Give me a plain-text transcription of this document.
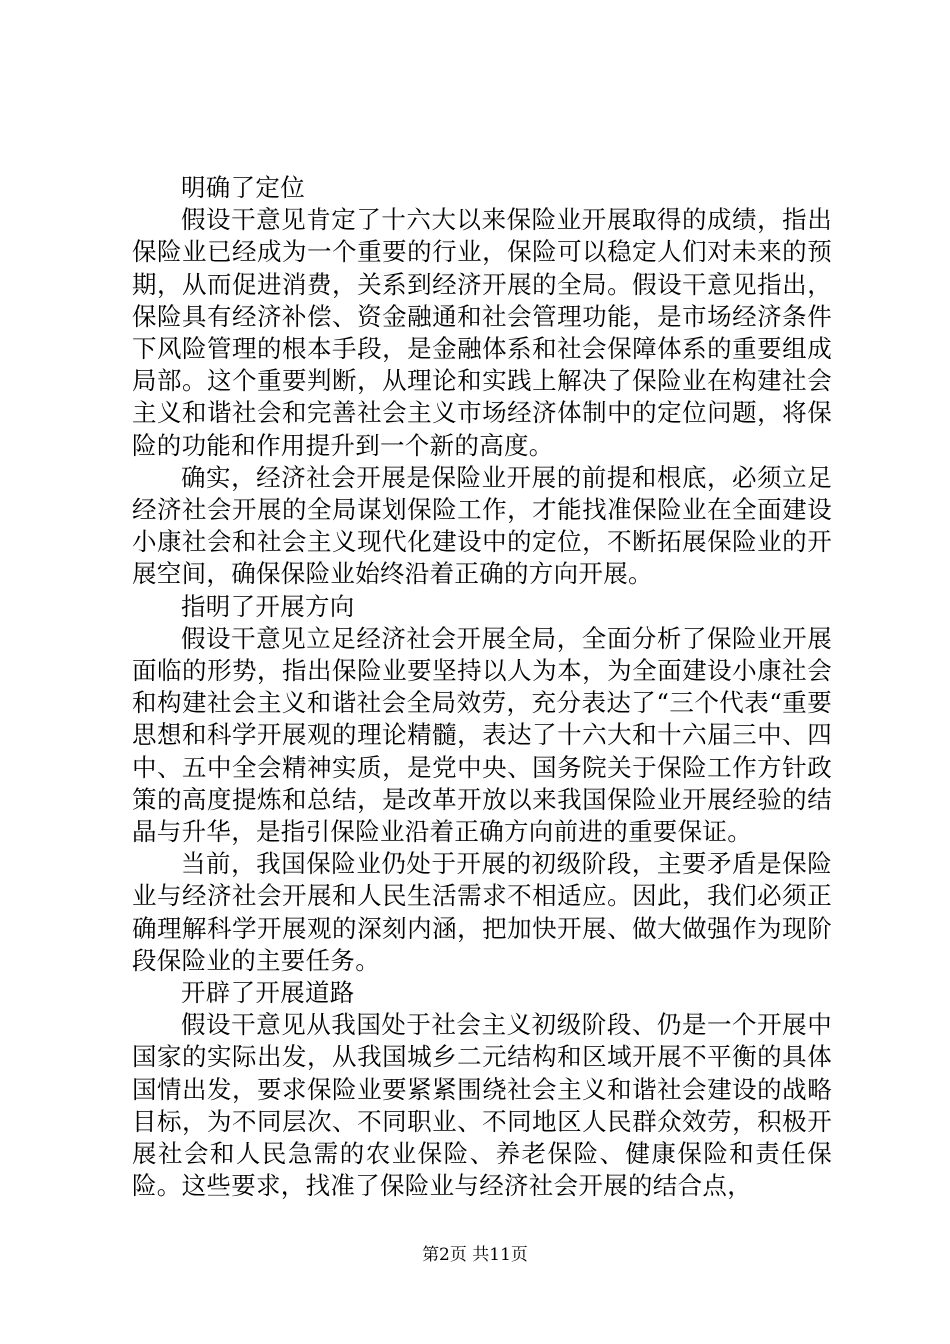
明确了定位

假设干意见肯定了十六大以来保险业开展取得的成绩，指出保险业已经成为一个重要的行业，保险可以稳定人们对未来的预期，从而促进消费，关系到经济开展的全局。假设干意见指出，保险具有经济补偿、资金融通和社会管理功能，是市场经济条件下风险管理的根本手段，是金融体系和社会保障体系的重要组成局部。这个重要判断，从理论和实践上解决了保险业在构建社会主义和谐社会和完善社会主义市场经济体制中的定位问题，将保险的功能和作用提升到一个新的高度。

确实，经济社会开展是保险业开展的前提和根底，必须立足经济社会开展的全局谋划保险工作，才能找准保险业在全面建设小康社会和社会主义现代化建设中的定位，不断拓展保险业的开展空间，确保保险业始终沿着正确的方向开展。

指明了开展方向

假设干意见立足经济社会开展全局，全面分析了保险业开展面临的形势，指出保险业要坚持以人为本，为全面建设小康社会和构建社会主义和谐社会全局效劳，充分表达了“三个代表“重要思想和科学开展观的理论精髓，表达了十六大和十六届三中、四中、五中全会精神实质，是党中央、国务院关于保险工作方针政策的高度提炼和总结，是改革开放以来我国保险业开展经验的结晶与升华，是指引保险业沿着正确方向前进的重要保证。

当前，我国保险业仍处于开展的初级阶段，主要矛盾是保险业与经济社会开展和人民生活需求不相适应。因此，我们必须正确理解科学开展观的深刻内涵，把加快开展、做大做强作为现阶段保险业的主要任务。

开辟了开展道路

假设干意见从我国处于社会主义初级阶段、仍是一个开展中国家的实际出发，从我国城乡二元结构和区域开展不平衡的具体国情出发，要求保险业要紧紧围绕社会主义和谐社会建设的战略目标，为不同层次、不同职业、不同地区人民群众效劳，积极开展社会和人民急需的农业保险、养老保险、健康保险和责任保险。这些要求，找准了保险业与经济社会开展的结合点，

第2页 共11页
